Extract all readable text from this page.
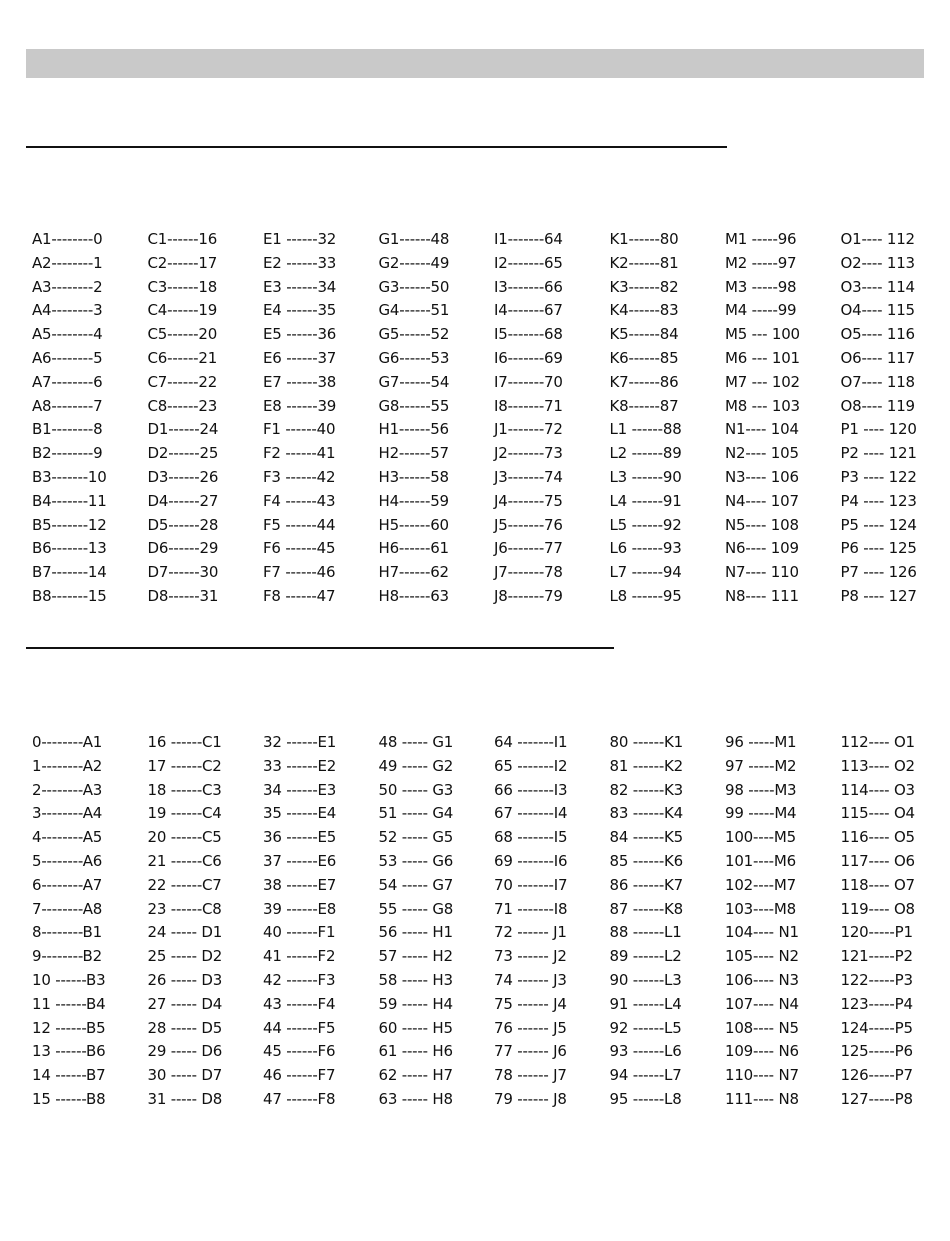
A1--------0
A2--------1
A3--------2
A4--------3
A5--------4
A6--------5
A7--------6
A8--------7
B1--------8
B2--------9
B3-------10
B4-------11
B5-------12
B6-------13
B7-------14
B8-------15
C1------16
C2------17
C3------18
C4------19
C5------20
C6------21
C7------22
C8------23
D1------24
D2------25
D3------26
D4------27
D5------28
D6------29
D7------30
D8------31
E1 ------32
E2 ------33
E3 ------34
E4 ------35
E5 ------36
E6 ------37
E7 ------38
E8 ------39
F1 ------40
F2 ------41
F3 ------42
F4 ------43
F5 ------44
F6 ------45
F7 ------46
F8 ------47
G1------48
G2------49
G3------50
G4------51
G5------52
G6------53
G7------54
G8------55
H1------56
H2------57
H3------58
H4------59
H5------60
H6------61
H7------62
H8------63
I1-------64
I2-------65
I3-------66
I4-------67
I5-------68
I6-------69
I7-------70
I8-------71
J1-------72
J2-------73
J3-------74
J4-------75
J5-------76
J6-------77
J7-------78
J8-------79
K1------80
K2------81
K3------82
K4------83
K5------84
K6------85
K7------86
K8------87
L1 ------88
L2 ------89
L3 ------90
L4 ------91
L5 ------92
L6 ------93
L7 ------94
L8 ------95
M1 -----96
M2 -----97
M3 -----98
M4 -----99
M5 --- 100
M6 --- 101
M7 --- 102
M8 --- 103
N1---- 104
N2---- 105
N3---- 106
N4---- 107
N5---- 108
N6---- 109
N7---- 110
N8---- 111
O1---- 112
O2---- 113
O3---- 114
O4---- 115
O5---- 116
O6---- 117
O7---- 118
O8---- 119
P1 ---- 120
P2 ---- 121
P3 ---- 122
P4 ---- 123
P5 ---- 124
P6 ---- 125
P7 ---- 126
P8 ---- 127
0--------A1
1--------A2
2--------A3
3--------A4
4--------A5
5--------A6
6--------A7
7--------A8
8--------B1
9--------B2
10 ------B3
11 ------B4
12 ------B5
13 ------B6
14 ------B7
15 ------B8
16 ------C1
17 ------C2
18 ------C3
19 ------C4
20 ------C5
21 ------C6
22 ------C7
23 ------C8
24 ----- D1
25 ----- D2
26 ----- D3
27 ----- D4
28 ----- D5
29 ----- D6
30 ----- D7
31 ----- D8
32 ------E1
33 ------E2
34 ------E3
35 ------E4
36 ------E5
37 ------E6
38 ------E7
39 ------E8
40 ------F1
41 ------F2
42 ------F3
43 ------F4
44 ------F5
45 ------F6
46 ------F7
47 ------F8
48 ----- G1
49 ----- G2
50 ----- G3
51 ----- G4
52 ----- G5
53 ----- G6
54 ----- G7
55 ----- G8
56 ----- H1
57 ----- H2
58 ----- H3
59 ----- H4
60 ----- H5
61 ----- H6
62 ----- H7
63 ----- H8
64 -------I1
65 -------I2
66 -------I3
67 -------I4
68 -------I5
69 -------I6
70 -------I7
71 -------I8
72 ------ J1
73 ------ J2
74 ------ J3
75 ------ J4
76 ------ J5
77 ------ J6
78 ------ J7
79 ------ J8
80 ------K1
81 ------K2
82 ------K3
83 ------K4
84 ------K5
85 ------K6
86 ------K7
87 ------K8
88 ------L1
89 ------L2
90 ------L3
91 ------L4
92 ------L5
93 ------L6
94 ------L7
95 ------L8
96 -----M1
97 -----M2
98 -----M3
99 -----M4
100----M5
101----M6
102----M7
103----M8
104---- N1
105---- N2
106---- N3
107---- N4
108---- N5
109---- N6
110---- N7
111---- N8
112---- O1
113---- O2
114---- O3
115---- O4
116---- O5
117---- O6
118---- O7
119---- O8
120-----P1
121-----P2
122-----P3
123-----P4
124-----P5
125-----P6
126-----P7
127-----P8
